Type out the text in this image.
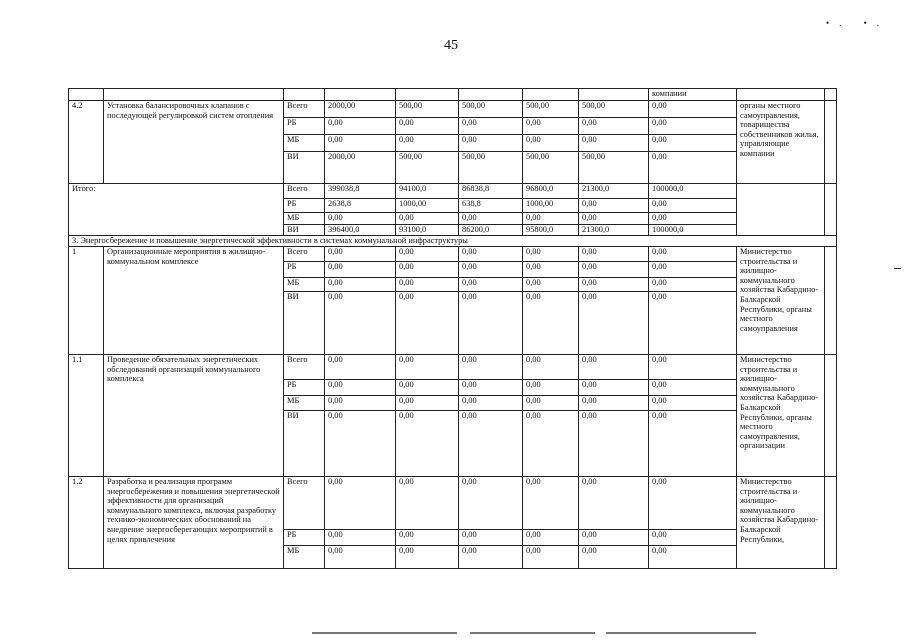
45
•. •.
								компании			
4.2	Установка балансировочных клапанов с последующей регулировкой систем отопления	Всего	2000,00	500,00	500,00	500,00	500,00	0,00	органы местного самоуправления, товарищества собственников жилья, управляющие компании		
		РБ	0,00	0,00	0,00	0,00	0,00	0,00			
		МБ	0,00	0,00	0,00	0,00	0,00	0,00			
		ВИ	2000,00	500,00	500,00	500,00	500,00	0,00			
Итого:		Всего	399038,8	94100,0	86838,8	96800,0	21300,0	100000,0			
		РБ	2638,8	1000,00	638,8	1000,00	0,00	0,00			
		МБ	0,00	0,00	0,00	0,00	0,00	0,00			
		ВИ	396400,0	93100,0	86200,0	95800,0	21300,0	100000,0			
3. Энергосбережение и повышение энергетической эффективности в системах коммунальной инфраструктуры											
1	Организационные мероприятия в жилищно-коммунальном комплексе	Всего	0,00	0,00	0,00	0,00	0,00	0,00	Министерство строительства и жилищно-коммунального хозяйства Кабардино-Балкарской Республики, органы местного самоуправления		
		РБ	0,00	0,00	0,00	0,00	0,00	0,00			
		МБ	0,00	0,00	0,00	0,00	0,00	0,00			
		ВИ	0,00	0,00	0,00	0,00	0,00	0,00			
1.1	Проведение обязательных энергетических обследований организаций коммунального комплекса	Всего	0,00	0,00	0,00	0,00	0,00	0,00	Министерство строительства и жилищно-коммунального хозяйства Кабардино-Балкарской Республики, органы местного самоуправления, организации		
		РБ	0,00	0,00	0,00	0,00	0,00	0,00			
		МБ	0,00	0,00	0,00	0,00	0,00	0,00			
		ВИ	0,00	0,00	0,00	0,00	0,00	0,00			
1.2	Разработка и реализация программ энергосбережения и повышения энергетической эффективности для организаций коммунального комплекса, включая разработку технико-экономических обоснований на внедрение энергосберегающих мероприятий в целях привлечения	Всего	0,00	0,00	0,00	0,00	0,00	0,00	Министерство строительства и жилищно-коммунального хозяйства Кабардино-Балкарской Республики,		
		РБ	0,00	0,00	0,00	0,00	0,00	0,00			
		МБ	0,00	0,00	0,00	0,00	0,00	0,00			
